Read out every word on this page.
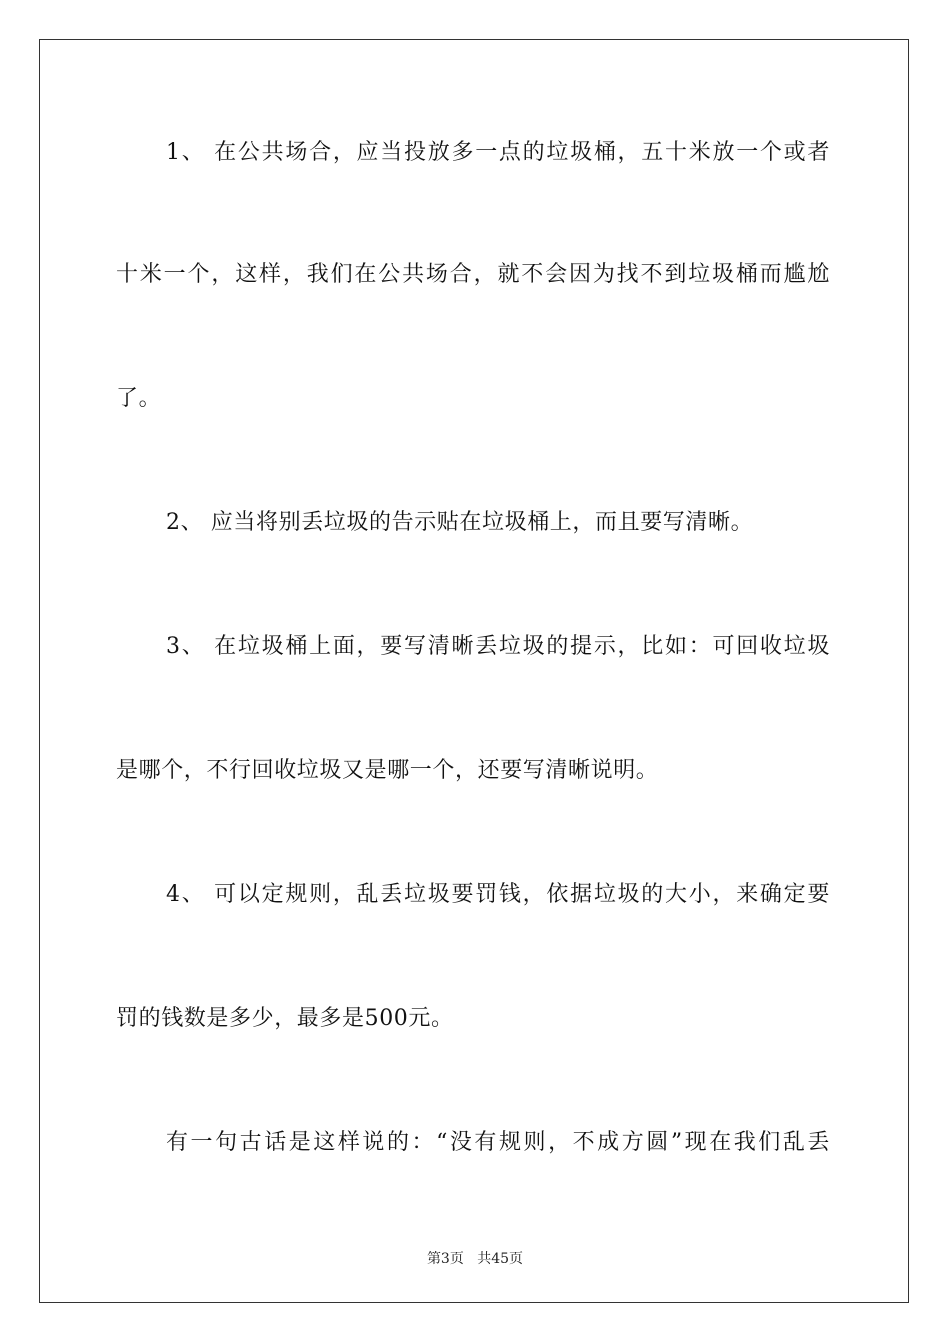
1、 在公共场合，应当投放多一点的垃圾桶，五十米放一个或者
十米一个，这样，我们在公共场合，就不会因为找不到垃圾桶而尴尬
了。
2、 应当将别丢垃圾的告示贴在垃圾桶上，而且要写清晰。
3、 在垃圾桶上面，要写清晰丢垃圾的提示，比如：可回收垃圾
是哪个，不行回收垃圾又是哪一个，还要写清晰说明。
4、 可以定规则，乱丢垃圾要罚钱，依据垃圾的大小，来确定要
罚的钱数是多少，最多是500元。
有一句古话是这样说的：“没有规则，不成方圆”现在我们乱丢
第3页 共45页
